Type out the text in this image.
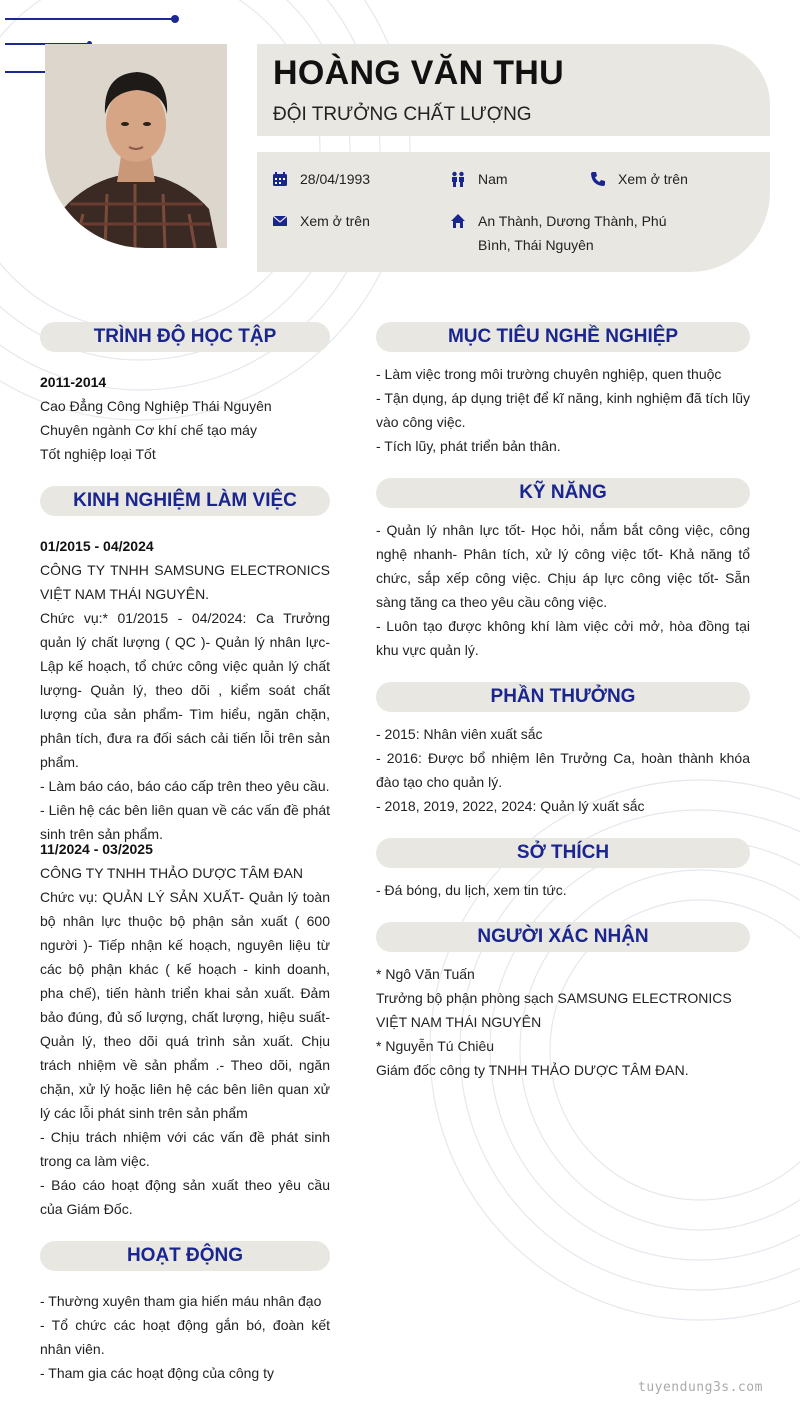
HOÀNG VĂN THU
ĐỘI TRƯỞNG CHẤT LƯỢNG
28/04/1993	Nam	Xem ở trên
Xem ở trên	An Thành, Dương Thành, Phú Bình, Thái Nguyên
TRÌNH ĐỘ HỌC TẬP

2011-2014

Cao Đẳng Công Nghiệp Thái Nguyên

Chuyên ngành Cơ khí chế tạo máy

Tốt nghiệp loại Tốt

KINH NGHIỆM LÀM VIỆC

01/2015 - 04/2024

CÔNG TY TNHH SAMSUNG ELECTRONICS VIỆT NAM THÁI NGUYÊN.

Chức vụ:* 01/2015 - 04/2024: Ca Trưởng quản lý chất lượng ( QC )- Quản lý nhân lực- Lập kế hoạch, tổ chức công việc quản lý chất lượng- Quản lý, theo dõi , kiểm soát chất lượng của sản phẩm- Tìm hiểu, ngăn chặn, phân tích, đưa ra đối sách cải tiến lỗi trên sản phẩm.

- Làm báo cáo, báo cáo cấp trên theo yêu cầu.

- Liên hệ các bên liên quan về các vấn đề phát sinh trên sản phẩm.

11/2024 - 03/2025

CÔNG TY TNHH THẢO DƯỢC TÂM ĐAN

Chức vụ: QUẢN LÝ SẢN XUẤT- Quản lý toàn bộ nhân lực thuộc bộ phận sản xuất ( 600 người )- Tiếp nhận kế hoạch, nguyên liệu từ các bộ phận khác ( kế hoạch - kinh doanh, pha chế), tiến hành triển khai sản xuất. Đảm bảo đúng, đủ số lượng, chất lượng, hiệu suất- Quản lý, theo dõi quá trình sản xuất. Chịu trách nhiệm về sản phẩm .- Theo dõi, ngăn chặn, xử lý hoặc liên hệ các bên liên quan xử lý các lỗi phát sinh trên sản phẩm

- Chịu trách nhiệm với các vấn đề phát sinh trong ca làm việc.

- Báo cáo hoạt động sản xuất theo yêu cầu của Giám Đốc.

HOẠT ĐỘNG

- Thường xuyên tham gia hiến máu nhân đạo

- Tổ chức các hoạt động gắn bó, đoàn kết nhân viên.

- Tham gia các hoạt động của công ty

MỤC TIÊU NGHỀ NGHIỆP

- Làm việc trong môi trường chuyên nghiệp, quen thuộc

- Tận dụng, áp dụng triệt để kĩ năng, kinh nghiệm đã tích lũy vào công việc.

- Tích lũy, phát triển bản thân.

KỸ NĂNG

- Quản lý nhân lực tốt- Học hỏi, nắm bắt công việc, công nghệ nhanh- Phân tích, xử lý công việc tốt- Khả năng tổ chức, sắp xếp công việc. Chịu áp lực công việc tốt- Sẵn sàng tăng ca theo yêu cầu công việc.

- Luôn tạo được không khí làm việc cởi mở, hòa đồng tại khu vực quản lý.

PHẦN THƯỞNG

- 2015: Nhân viên xuất sắc

- 2016: Được bổ nhiệm lên Trưởng Ca, hoàn thành khóa đào tạo cho quản lý.

- 2018, 2019, 2022, 2024: Quản lý xuất sắc

SỞ THÍCH

- Đá bóng, du lịch, xem tin tức.

NGƯỜI XÁC NHẬN

* Ngô Văn Tuấn

Trưởng bộ phận phòng sạch SAMSUNG ELECTRONICS VIỆT NAM THÁI NGUYÊN

* Nguyễn Tú Chiêu

Giám đốc công ty TNHH THẢO DƯỢC TÂM ĐAN.

tuyendung3s.com
